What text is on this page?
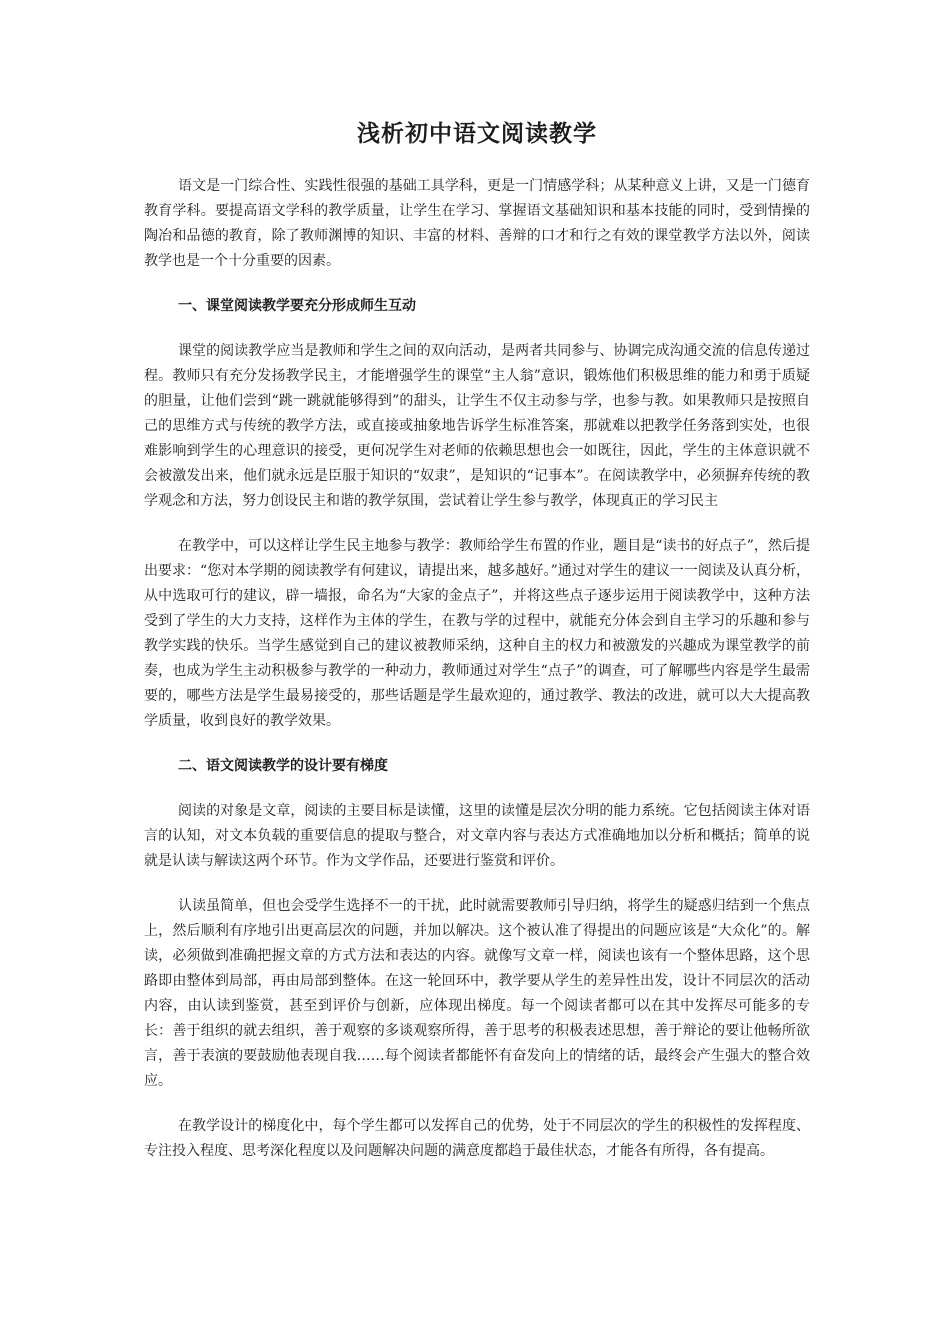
浅析初中语文阅读教学

语文是一门综合性、实践性很强的基础工具学科，更是一门情感学科；从某种意义上讲，又是一门德育教育学科。要提高语文学科的教学质量，让学生在学习、掌握语文基础知识和基本技能的同时，受到情操的陶冶和品德的教育，除了教师渊博的知识、丰富的材料、善辩的口才和行之有效的课堂教学方法以外，阅读教学也是一个十分重要的因素。

一、课堂阅读教学要充分形成师生互动

课堂的阅读教学应当是教师和学生之间的双向活动，是两者共同参与、协调完成沟通交流的信息传递过程。教师只有充分发扬教学民主，才能增强学生的课堂“主人翁”意识，锻炼他们积极思维的能力和勇于质疑的胆量，让他们尝到“跳一跳就能够得到”的甜头，让学生不仅主动参与学，也参与教。如果教师只是按照自己的思维方式与传统的教学方法，或直接或抽象地告诉学生标准答案，那就难以把教学任务落到实处，也很难影响到学生的心理意识的接受，更何况学生对老师的依赖思想也会一如既往，因此，学生的主体意识就不会被激发出来，他们就永远是臣服于知识的“奴隶”，是知识的“记事本”。在阅读教学中，必须摒弃传统的教学观念和方法，努力创设民主和谐的教学氛围，尝试着让学生参与教学，体现真正的学习民主

在教学中，可以这样让学生民主地参与教学：教师给学生布置的作业，题目是“读书的好点子”，然后提出要求：“您对本学期的阅读教学有何建议，请提出来，越多越好。”通过对学生的建议一一阅读及认真分析，从中选取可行的建议，辟一墙报，命名为“大家的金点子”，并将这些点子逐步运用于阅读教学中，这种方法受到了学生的大力支持，这样作为主体的学生，在教与学的过程中，就能充分体会到自主学习的乐趣和参与教学实践的快乐。当学生感觉到自己的建议被教师采纳，这种自主的权力和被激发的兴趣成为课堂教学的前奏，也成为学生主动积极参与教学的一种动力，教师通过对学生“点子”的调查，可了解哪些内容是学生最需要的，哪些方法是学生最易接受的，那些话题是学生最欢迎的，通过教学、教法的改进，就可以大大提高教学质量，收到良好的教学效果。

二、语文阅读教学的设计要有梯度

阅读的对象是文章，阅读的主要目标是读懂，这里的读懂是层次分明的能力系统。它包括阅读主体对语言的认知，对文本负载的重要信息的提取与整合，对文章内容与表达方式准确地加以分析和概括；简单的说就是认读与解读这两个环节。作为文学作品，还要进行鉴赏和评价。

认读虽简单，但也会受学生选择不一的干扰，此时就需要教师引导归纳，将学生的疑惑归结到一个焦点上，然后顺利有序地引出更高层次的问题，并加以解决。这个被认准了得提出的问题应该是“大众化”的。解读，必须做到准确把握文章的方式方法和表达的内容。就像写文章一样，阅读也该有一个整体思路，这个思路即由整体到局部，再由局部到整体。在这一轮回环中，教学要从学生的差异性出发，设计不同层次的活动内容，由认读到鉴赏，甚至到评价与创新，应体现出梯度。每一个阅读者都可以在其中发挥尽可能多的专长：善于组织的就去组织，善于观察的多谈观察所得，善于思考的积极表述思想，善于辩论的要让他畅所欲言，善于表演的要鼓励他表现自我……每个阅读者都能怀有奋发向上的情绪的话，最终会产生强大的整合效应。

在教学设计的梯度化中，每个学生都可以发挥自己的优势，处于不同层次的学生的积极性的发挥程度、专注投入程度、思考深化程度以及问题解决问题的满意度都趋于最佳状态，才能各有所得，各有提高。
